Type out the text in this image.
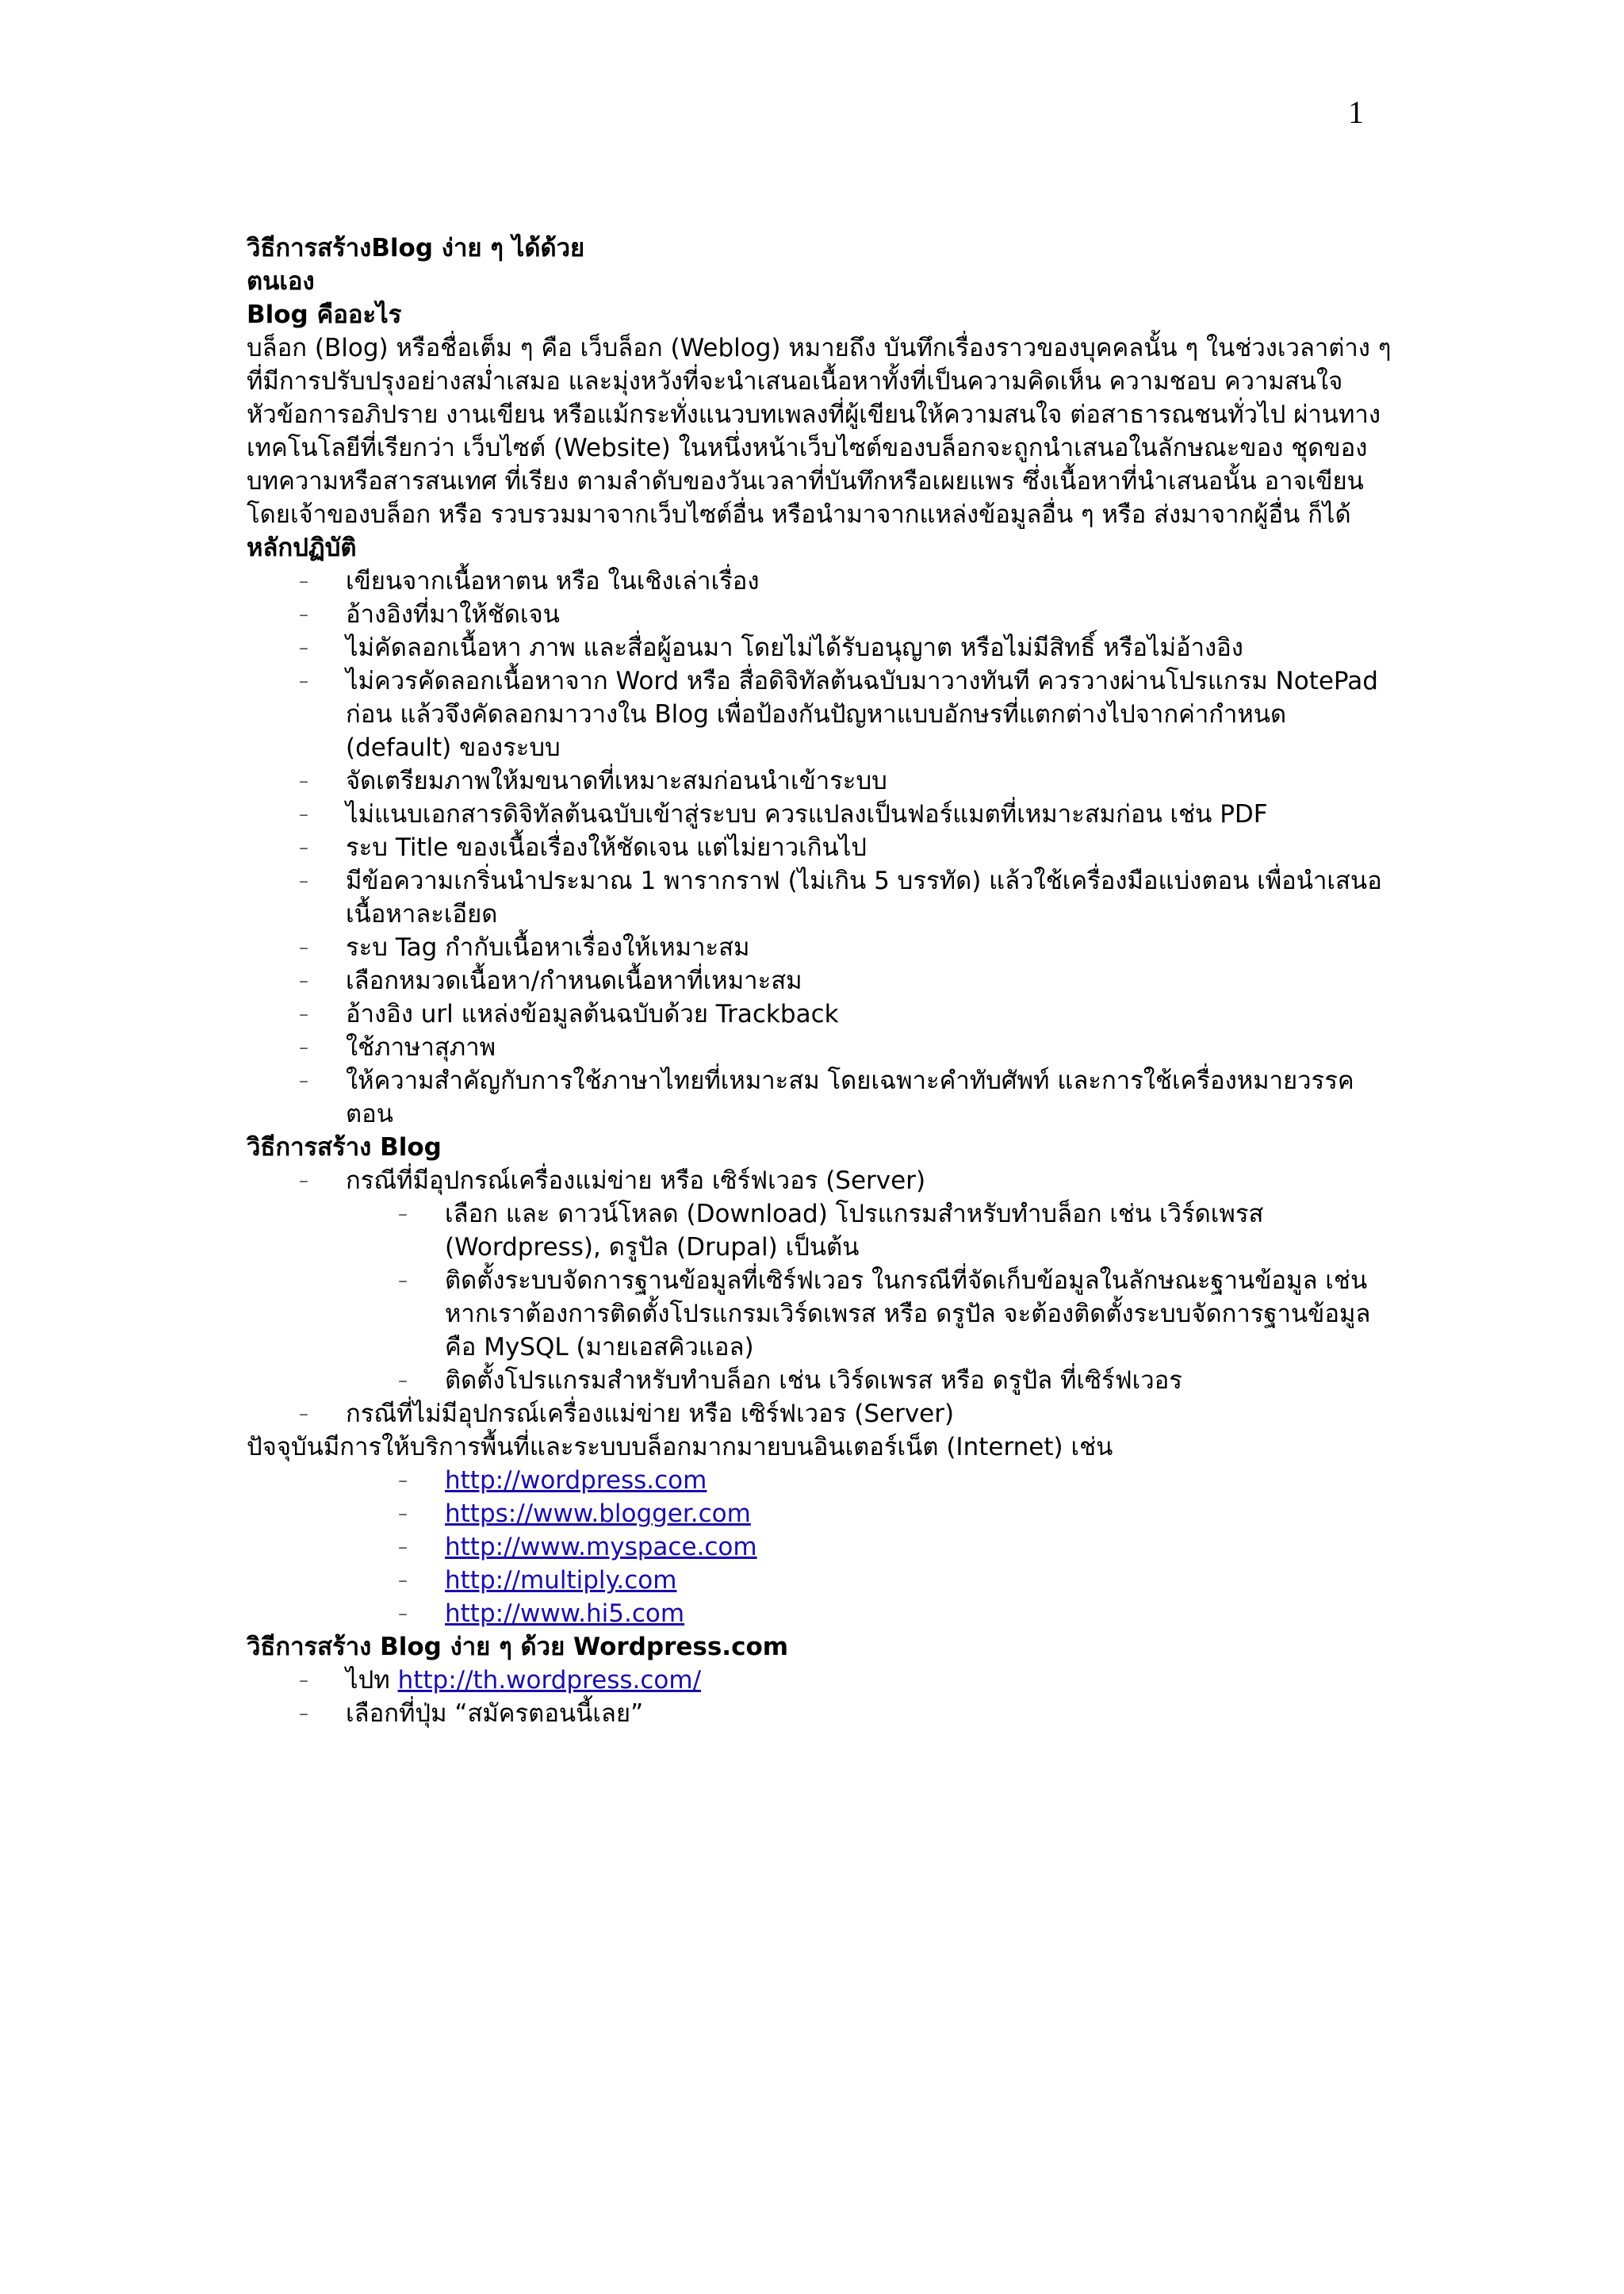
1
วิธีการสร้างBlog ง่าย ๆ ได้ด้วย
ตนเอง
Blog คืออะไร

บล็อก (Blog) หรือชื่อเต็ม ๆ คือ เว็บล็อก (Weblog) หมายถึง บันทึกเรื่องราวของบุคคลนั้น ๆ ในช่วงเวลาต่าง ๆ ที่มีการปรับปรุงอย่างสม่ำเสมอ และมุ่งหวังที่จะนำเสนอเนื้อหาทั้งที่เป็นความคิดเห็น ความชอบ ความสนใจ หัวข้อการอภิปราย งานเขียน หรือแม้กระทั่งแนวบทเพลงที่ผู้เขียนให้ความสนใจ ต่อสาธารณชนทั่วไป ผ่านทางเทคโนโลยีที่เรียกว่า เว็บไซต์ (Website) ในหนึ่งหน้าเว็บไซต์ของบล็อกจะถูกนำเสนอในลักษณะของ ชุดของบทความหรือสารสนเทศ ที่เรียง ตามลำดับของวันเวลาที่บันทึกหรือเผยแพร ซึ่งเนื้อหาที่นำเสนอนั้น อาจเขียนโดยเจ้าของบล็อก หรือ รวบรวมมาจากเว็บไซต์อื่น หรือนำมาจากแหล่งข้อมูลอื่น ๆ หรือ ส่งมาจากผู้อื่น ก็ได้

หลักปฏิบัติ
–	เขียนจากเนื้อหาตน หรือ ในเชิงเล่าเรื่อง
–	อ้างอิงที่มาให้ชัดเจน
–	ไม่คัดลอกเนื้อหา ภาพ และสื่อผู้อนมา โดยไม่ได้รับอนุญาต หรือไม่มีสิทธิ์ หรือไม่อ้างอิง
–	ไม่ควรคัดลอกเนื้อหาจาก Word หรือ สื่อดิจิทัลต้นฉบับมาวางทันที ควรวางผ่านโปรแกรม NotePad ก่อน แล้วจึงคัดลอกมาวางใน Blog เพื่อป้องกันปัญหาแบบอักษรที่แตกต่างไปจากค่ากำหนด (default) ของระบบ
–	จัดเตรียมภาพให้มขนาดที่เหมาะสมก่อนนำเข้าระบบ
–	ไม่แนบเอกสารดิจิทัลต้นฉบับเข้าสู่ระบบ ควรแปลงเป็นฟอร์แมตที่เหมาะสมก่อน เช่น PDF
–	ระบ Title ของเนื้อเรื่องให้ชัดเจน แต่ไม่ยาวเกินไป
–	มีข้อความเกริ่นนำประมาณ 1 พารากราฟ (ไม่เกิน 5 บรรทัด) แล้วใช้เครื่องมือแบ่งตอน เพื่อนำเสนอเนื้อหาละเอียด
–	ระบ Tag กำกับเนื้อหาเรื่องให้เหมาะสม
–	เลือกหมวดเนื้อหา/กำหนดเนื้อหาที่เหมาะสม
–	อ้างอิง url แหล่งข้อมูลต้นฉบับด้วย Trackback
–	ใช้ภาษาสุภาพ
–	ให้ความสำคัญกับการใช้ภาษาไทยที่เหมาะสม โดยเฉพาะคำทับศัพท์ และการใช้เครื่องหมายวรรคตอน
วิธีการสร้าง Blog
–	กรณีที่มีอุปกรณ์เครื่องแม่ข่าย หรือ เซิร์ฟเวอร (Server)
–	เลือก และ ดาวน์โหลด (Download) โปรแกรมสำหรับทำบล็อก เช่น เวิร์ดเพรส (Wordpress), ดรูปัล (Drupal) เป็นต้น
–	ติดตั้งระบบจัดการฐานข้อมูลที่เซิร์ฟเวอร ในกรณีที่จัดเก็บข้อมูลในลักษณะฐานข้อมูล เช่น หากเราต้องการติดตั้งโปรแกรมเวิร์ดเพรส หรือ ดรูปัล จะต้องติดตั้งระบบจัดการฐานข้อมูล คือ MySQL (มายเอสคิวแอล)
–	ติดตั้งโปรแกรมสำหรับทำบล็อก เช่น เวิร์ดเพรส หรือ ดรูปัล ที่เซิร์ฟเวอร
–	กรณีที่ไม่มีอุปกรณ์เครื่องแม่ข่าย หรือ เซิร์ฟเวอร (Server)
ปัจจุบันมีการให้บริการพื้นที่และระบบบล็อกมากมายบนอินเตอร์เน็ต (Internet) เช่น
–	http://wordpress.com
–	https://www.blogger.com
–	http://www.myspace.com
–	http://multiply.com
–	http://www.hi5.com
วิธีการสร้าง Blog ง่าย ๆ ด้วย Wordpress.com
–	ไปท http://th.wordpress.com/
–	เลือกที่ปุ่ม “สมัครตอนนี้เลย”
